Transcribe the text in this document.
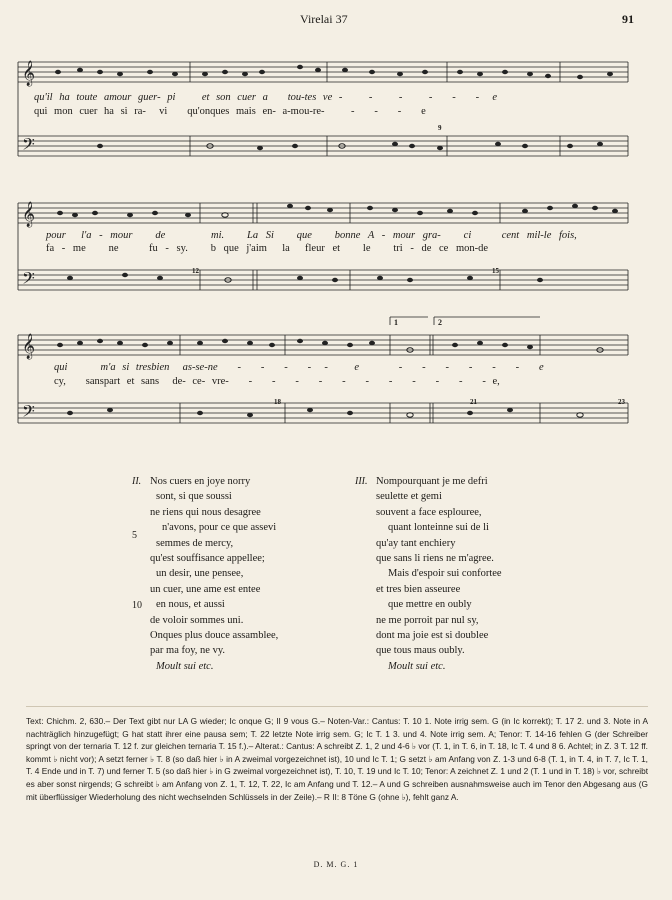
Virelai 37	91
𝄞
𝄢
9
qu'il ha toute amour guer- pi	et son cuer a tou-tes ve -	-	-	- - - e
qui mon cuer ha si ra- vi qu'onques mais en- a-mou-re-	- - - e
𝄞
𝄢	12	15
pour l'a - mour de	mi. La Si que bonne A - mour gra- ci	cent mil-le fois,
fa - me ne	fu - sy. b que j'aim la fleur et le tri - de ce mon-de
𝄞
𝄢
1	2
18	21	23
qui	m'a si tresbien as-se-ne - - - - -	e	- - - - - - e
cy, sanspart et sans de- ce- vre- - - - - - - - - - - - e,
II.
5
10
Nos cuers en joye norry
sont, si que soussi
ne riens qui nous desagree
n'avons, pour ce que assevi
semmes de mercy,
qu'est souffisance appellee;
un desir, une pensee,
un cuer, une ame est entee
en nous, et aussi
de voloir sommes uni.
Onques plus douce assamblee,
par ma foy, ne vy.
Moult sui etc.
III. Nompourquant je me defri
seulette et gemi
souvent a face esplouree,
quant lonteinne sui de li
qu'ay tant enchiery
que sans li riens ne m'agree.
Mais d'espoir sui confortee
et tres bien asseuree
que mettre en oubly
ne me porroit par nul sy,
dont ma joie est si doublee
que tous maus oubly.
Moult sui etc.
Text: Chichm. 2, 630.– Der Text gibt nur LA G wieder; Ic onque G; II 9 vous G.– Noten-Var.: Cantus: T. 10 1. Note irrig sem. G (in Ic korrekt); T. 17 2. und 3. Note in A nachträglich hinzugefügt; G hat statt ihrer eine pausa sem; T. 22 letzte Note irrig sem. G; Ic T. 1 3. und 4. Note irrig sem. A; Tenor: T. 14-16 fehlen G (der Schreiber springt von der ternaria T. 12 f. zur gleichen ternaria T. 15 f.).– Alterat.: Cantus: A schreibt Z. 1, 2 und 4-6 ♭ vor (T. 1, in T. 6, in T. 18, Ic T. 4 und 8 6. Achtel; in Z. 3 T. 12 ff. kommt ♭ nicht vor); A setzt ferner ♭ T. 8 (so daß hier ♭ in A zweimal vorgezeichnet ist), 10 und Ic T. 1; G setzt ♭ am Anfang von Z. 1-3 und 6-8 (T. 1, in T. 4, in T. 7, Ic T. 1, T. 4 Ende und in T. 7) und ferner T. 5 (so daß hier ♭ in G zweimal vorgezeichnet ist), T. 10, T. 19 und Ic T. 10; Tenor: A zeichnet Z. 1 und 2 (T. 1 und in T. 18) ♭ vor, schreibt es aber sonst nirgends; G schreibt ♭ am Anfang von Z. 1, T. 12, T. 22, Ic am Anfang und T. 12.– A und G schreiben ausnahmsweise auch im Tenor den Abgesang aus (G mit überflüssiger Wiederholung des nicht wechselnden Schlüssels in der Zeile).– R II: 8 Töne G (ohne ♭), fehlt ganz A.
D. M. G. 1
